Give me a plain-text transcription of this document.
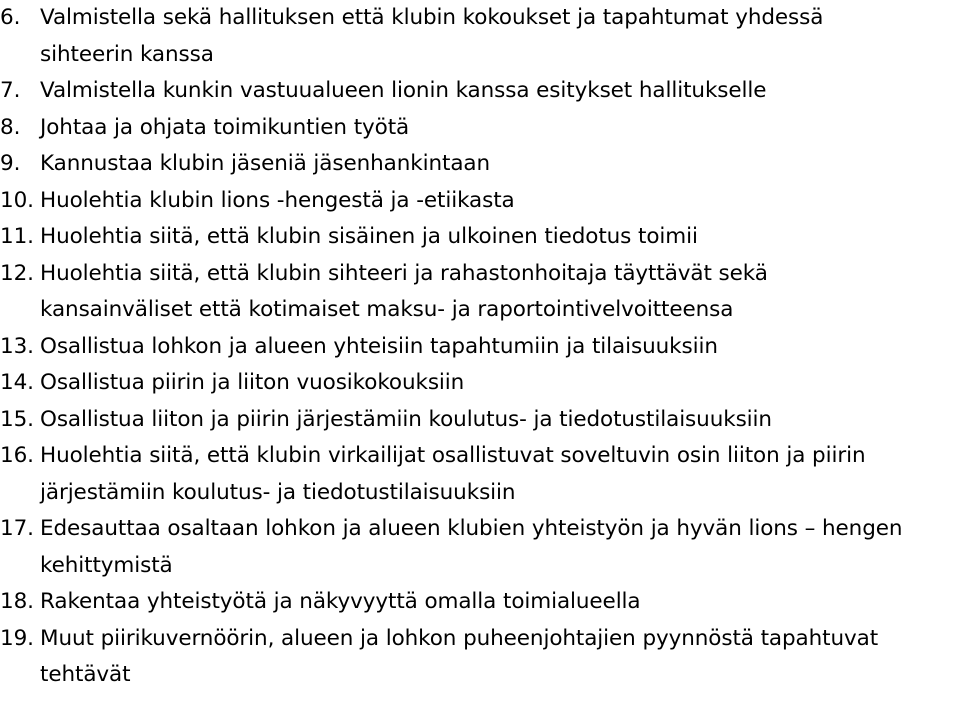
6. Valmistella sekä hallituksen että klubin kokoukset ja tapahtumat yhdessä sihteerin kanssa
7. Valmistella kunkin vastuualueen lionin kanssa esitykset hallitukselle
8. Johtaa ja ohjata toimikuntien työtä
9. Kannustaa klubin jäseniä jäsenhankintaan
10. Huolehtia klubin lions -hengestä ja -etiikasta
11. Huolehtia siitä, että klubin sisäinen ja ulkoinen tiedotus toimii
12. Huolehtia siitä, että klubin sihteeri ja rahastonhoitaja täyttävät sekä kansainväliset että kotimaiset maksu- ja raportointivelvoitteensa
13. Osallistua lohkon ja alueen yhteisiin tapahtumiin ja tilaisuuksiin
14. Osallistua piirin ja liiton vuosikokouksiin
15. Osallistua liiton ja piirin järjestämiin koulutus- ja tiedotustilaisuuksiin
16. Huolehtia siitä, että klubin virkailijat osallistuvat soveltuvin osin liiton ja piirin järjestämiin koulutus- ja tiedotustilaisuuksiin
17. Edesauttaa osaltaan lohkon ja alueen klubien yhteistyön ja hyvän lions – hengen kehittymistä
18. Rakentaa yhteistyötä ja näkyvyyttä omalla toimialueella
19. Muut piirikuvernöörin, alueen ja lohkon puheenjohtajien pyynnöstä tapahtuvat tehtävät
